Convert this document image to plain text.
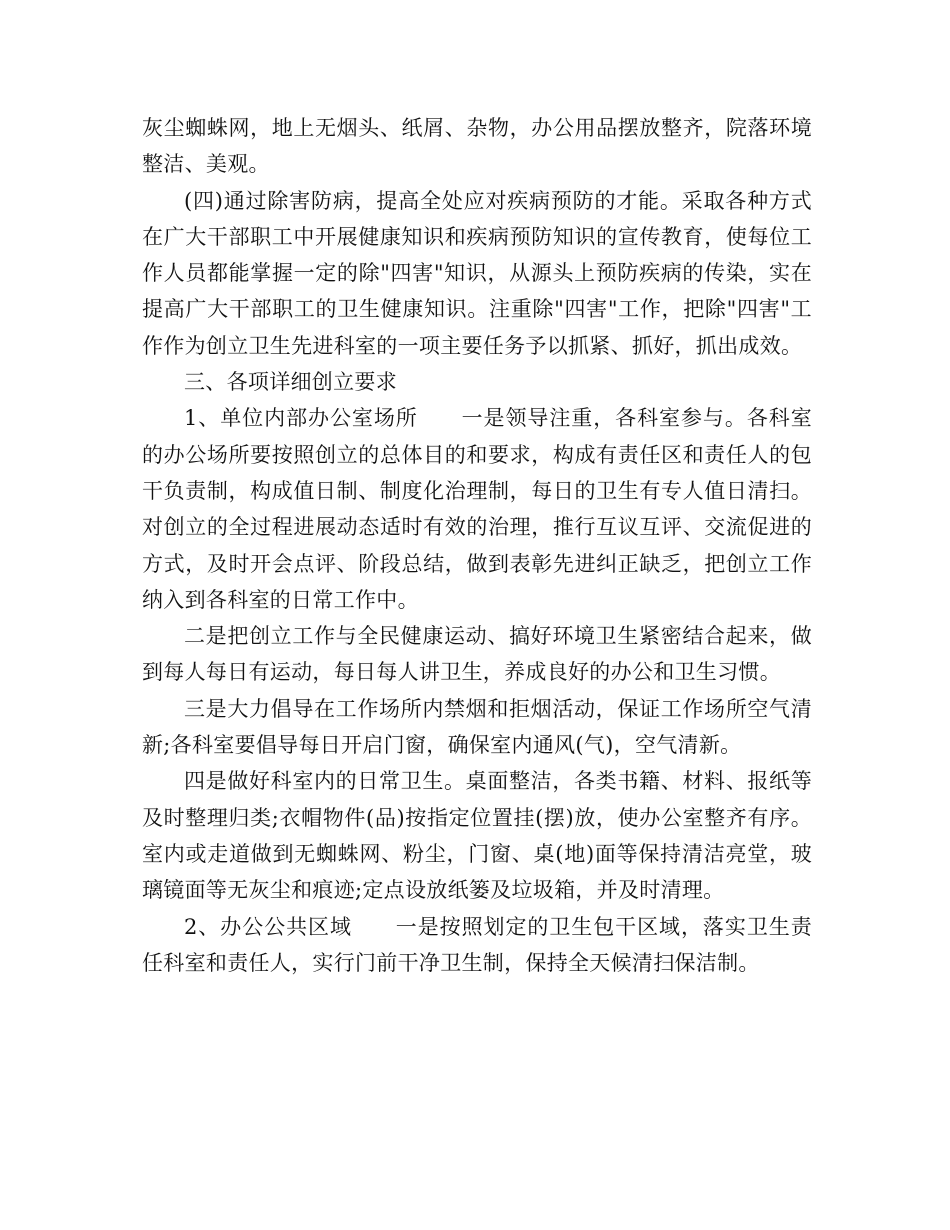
灰尘蜘蛛网，地上无烟头、纸屑、杂物，办公用品摆放整齐，院落环境整洁、美观。

(四)通过除害防病，提高全处应对疾病预防的才能。采取各种方式在广大干部职工中开展健康知识和疾病预防知识的宣传教育，使每位工作人员都能掌握一定的除"四害"知识，从源头上预防疾病的传染，实在提高广大干部职工的卫生健康知识。注重除"四害"工作，把除"四害"工作作为创立卫生先进科室的一项主要任务予以抓紧、抓好，抓出成效。

三、各项详细创立要求

1、单位内部办公室场所　　一是领导注重，各科室参与。各科室的办公场所要按照创立的总体目的和要求，构成有责任区和责任人的包干负责制，构成值日制、制度化治理制，每日的卫生有专人值日清扫。对创立的全过程进展动态适时有效的治理，推行互议互评、交流促进的方式，及时开会点评、阶段总结，做到表彰先进纠正缺乏，把创立工作纳入到各科室的日常工作中。

二是把创立工作与全民健康运动、搞好环境卫生紧密结合起来，做到每人每日有运动，每日每人讲卫生，养成良好的办公和卫生习惯。

三是大力倡导在工作场所内禁烟和拒烟活动，保证工作场所空气清新;各科室要倡导每日开启门窗，确保室内通风(气)，空气清新。

四是做好科室内的日常卫生。桌面整洁，各类书籍、材料、报纸等及时整理归类;衣帽物件(品)按指定位置挂(摆)放，使办公室整齐有序。室内或走道做到无蜘蛛网、粉尘，门窗、桌(地)面等保持清洁亮堂，玻璃镜面等无灰尘和痕迹;定点设放纸篓及垃圾箱，并及时清理。

2、办公公共区域　　一是按照划定的卫生包干区域，落实卫生责任科室和责任人，实行门前干净卫生制，保持全天候清扫保洁制。
